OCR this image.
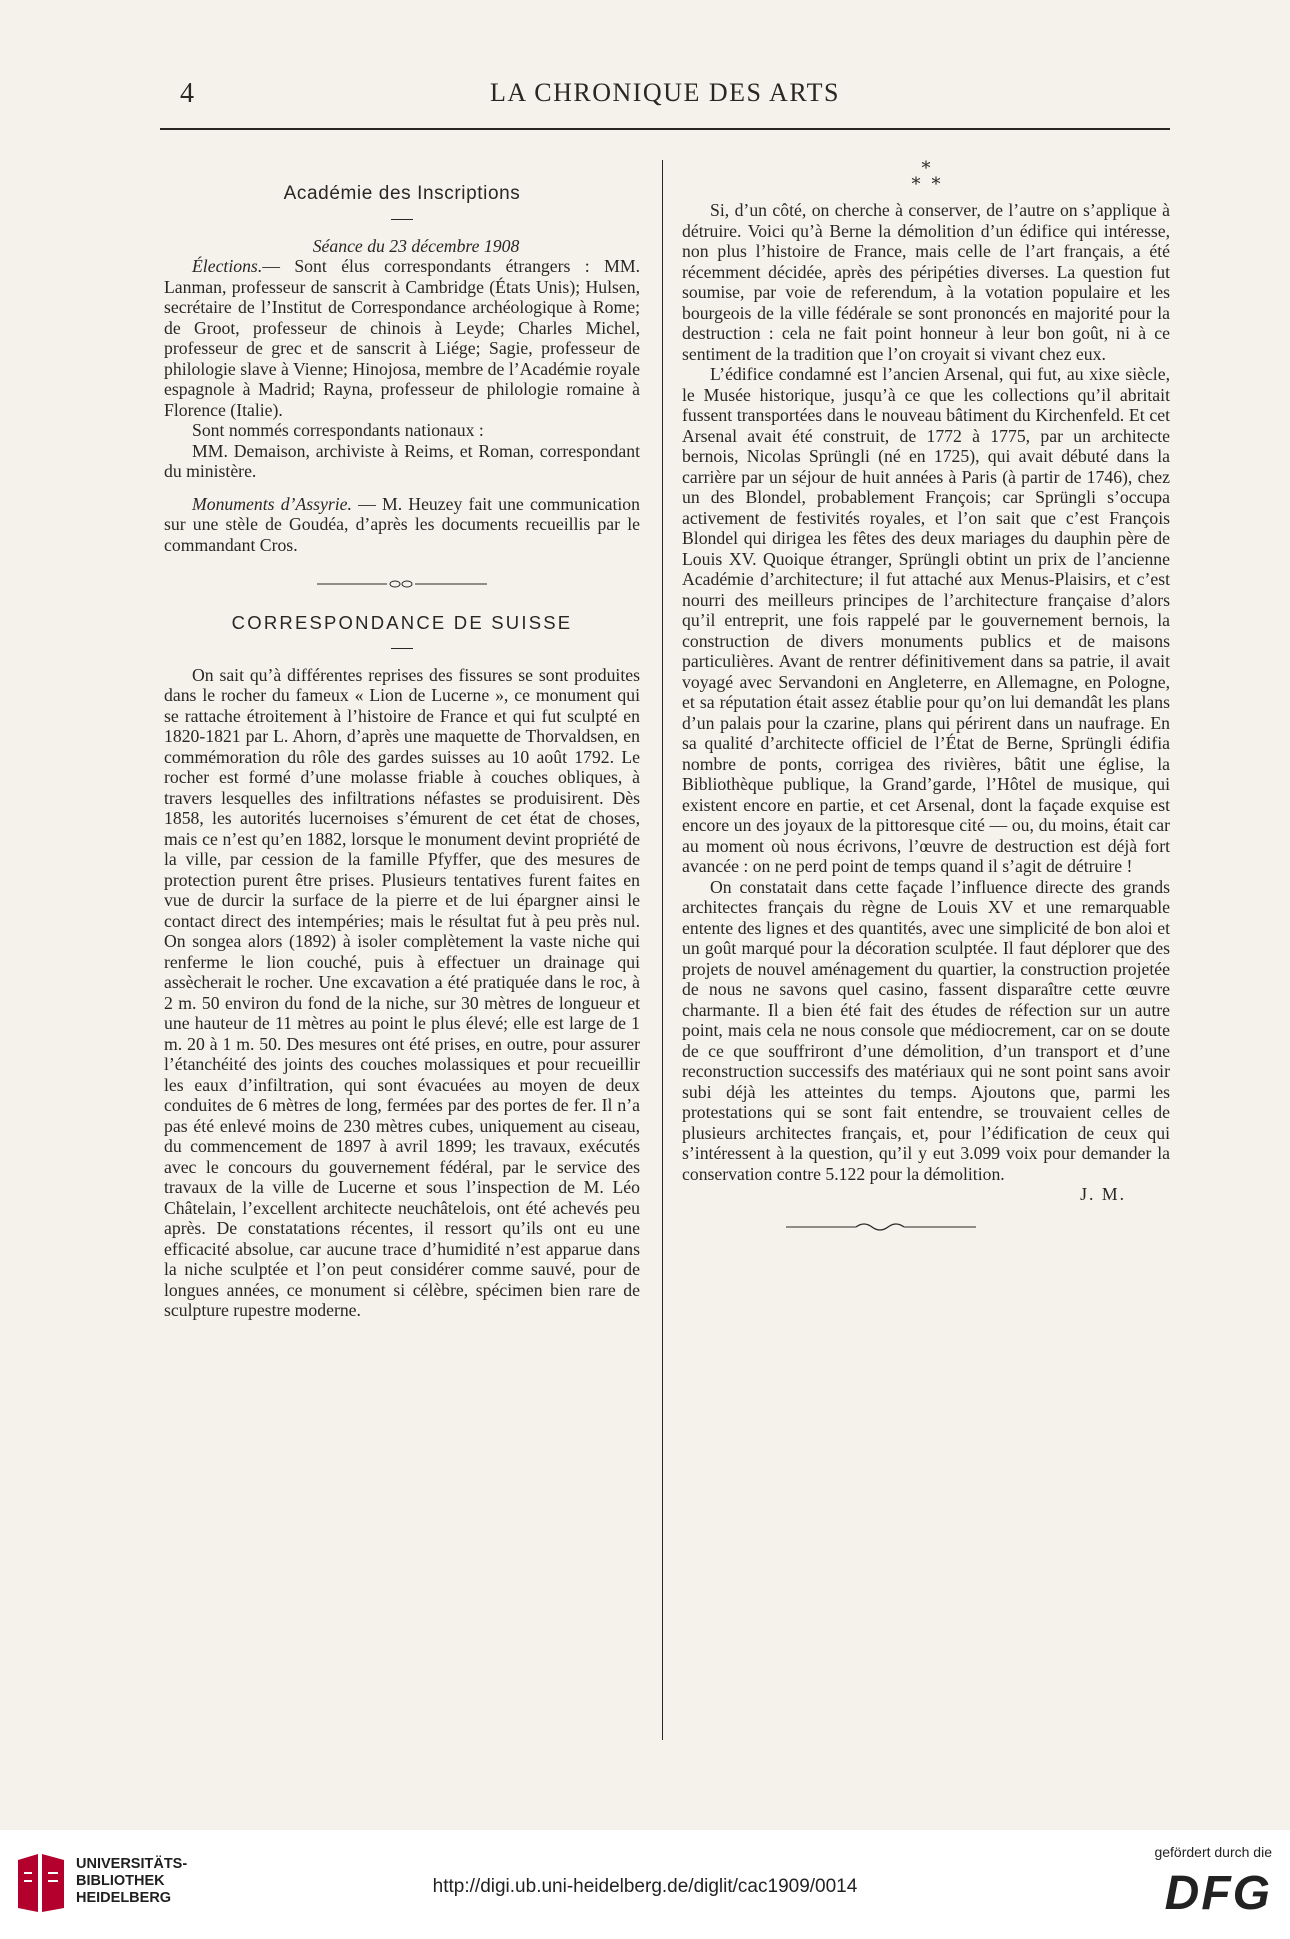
4	LA CHRONIQUE DES ARTS
Académie des Inscriptions

Séance du 23 décembre 1908

Élections.— Sont élus correspondants étrangers : MM. Lanman, professeur de sanscrit à Cambridge (États Unis); Hulsen, secrétaire de l’Institut de Correspondance archéologique à Rome; de Groot, professeur de chinois à Leyde; Charles Michel, professeur de grec et de sanscrit à Liége; Sagie, professeur de philologie slave à Vienne; Hinojosa, membre de l’Académie royale espagnole à Madrid; Rayna, professeur de philologie romaine à Florence (Italie).

Sont nommés correspondants nationaux :

MM. Demaison, archiviste à Reims, et Roman, correspondant du ministère.

Monuments d’Assyrie. — M. Heuzey fait une communication sur une stèle de Goudéa, d’après les documents recueillis par le commandant Cros.

CORRESPONDANCE DE SUISSE

On sait qu’à différentes reprises des fissures se sont produites dans le rocher du fameux « Lion de Lucerne », ce monument qui se rattache étroitement à l’histoire de France et qui fut sculpté en 1820-1821 par L. Ahorn, d’après une maquette de Thorvaldsen, en commémoration du rôle des gardes suisses au 10 août 1792. Le rocher est formé d’une molasse friable à couches obliques, à travers lesquelles des infiltrations néfastes se produisirent. Dès 1858, les autorités lucernoises s’émurent de cet état de choses, mais ce n’est qu’en 1882, lorsque le monument devint propriété de la ville, par cession de la famille Pfyffer, que des mesures de protection purent être prises. Plusieurs tentatives furent faites en vue de durcir la surface de la pierre et de lui épargner ainsi le contact direct des intempéries; mais le résultat fut à peu près nul. On songea alors (1892) à isoler complètement la vaste niche qui renferme le lion couché, puis à effectuer un drainage qui assècherait le rocher. Une excavation a été pratiquée dans le roc, à 2 m. 50 environ du fond de la niche, sur 30 mètres de longueur et une hauteur de 11 mètres au point le plus élevé; elle est large de 1 m. 20 à 1 m. 50. Des mesures ont été prises, en outre, pour assurer l’étanchéité des joints des couches molassiques et pour recueillir les eaux d’infiltration, qui sont évacuées au moyen de deux conduites de 6 mètres de long, fermées par des portes de fer. Il n’a pas été enlevé moins de 230 mètres cubes, uniquement au ciseau, du commencement de 1897 à avril 1899; les travaux, exécutés avec le concours du gouvernement fédéral, par le service des travaux de la ville de Lucerne et sous l’inspection de M. Léo Châtelain, l’excellent architecte neuchâtelois, ont été achevés peu après. De constatations récentes, il ressort qu’ils ont eu une efficacité absolue, car aucune trace d’humidité n’est apparue dans la niche sculptée et l’on peut considérer comme sauvé, pour de longues années, ce monument si célèbre, spécimen bien rare de sculpture rupestre moderne.

*
* *

Si, d’un côté, on cherche à conserver, de l’autre on s’applique à détruire. Voici qu’à Berne la démolition d’un édifice qui intéresse, non plus l’histoire de France, mais celle de l’art français, a été récemment décidée, après des péripéties diverses. La question fut soumise, par voie de referendum, à la votation populaire et les bourgeois de la ville fédérale se sont prononcés en majorité pour la destruction : cela ne fait point honneur à leur bon goût, ni à ce sentiment de la tradition que l’on croyait si vivant chez eux.

L’édifice condamné est l’ancien Arsenal, qui fut, au xixe siècle, le Musée historique, jusqu’à ce que les collections qu’il abritait fussent transportées dans le nouveau bâtiment du Kirchenfeld. Et cet Arsenal avait été construit, de 1772 à 1775, par un architecte bernois, Nicolas Sprüngli (né en 1725), qui avait débuté dans la carrière par un séjour de huit années à Paris (à partir de 1746), chez un des Blondel, probablement François; car Sprüngli s’occupa activement de festivités royales, et l’on sait que c’est François Blondel qui dirigea les fêtes des deux mariages du dauphin père de Louis XV. Quoique étranger, Sprüngli obtint un prix de l’ancienne Académie d’architecture; il fut attaché aux Menus-Plaisirs, et c’est nourri des meilleurs principes de l’architecture française d’alors qu’il entreprit, une fois rappelé par le gouvernement bernois, la construction de divers monuments publics et de maisons particulières. Avant de rentrer définitivement dans sa patrie, il avait voyagé avec Servandoni en Angleterre, en Allemagne, en Pologne, et sa réputation était assez établie pour qu’on lui demandât les plans d’un palais pour la czarine, plans qui périrent dans un naufrage. En sa qualité d’architecte officiel de l’État de Berne, Sprüngli édifia nombre de ponts, corrigea des rivières, bâtit une église, la Bibliothèque publique, la Grand’garde, l’Hôtel de musique, qui existent encore en partie, et cet Arsenal, dont la façade exquise est encore un des joyaux de la pittoresque cité — ou, du moins, était car au moment où nous écrivons, l’œuvre de destruction est déjà fort avancée : on ne perd point de temps quand il s’agit de détruire !

On constatait dans cette façade l’influence directe des grands architectes français du règne de Louis XV et une remarquable entente des lignes et des quantités, avec une simplicité de bon aloi et un goût marqué pour la décoration sculptée. Il faut déplorer que des projets de nouvel aménagement du quartier, la construction projetée de nous ne savons quel casino, fassent disparaître cette œuvre charmante. Il a bien été fait des études de réfection sur un autre point, mais cela ne nous console que médiocrement, car on se doute de ce que souffriront d’une démolition, d’un transport et d’une reconstruction successifs des matériaux qui ne sont point sans avoir subi déjà les atteintes du temps. Ajoutons que, parmi les protestations qui se sont fait entendre, se trouvaient celles de plusieurs architectes français, et, pour l’édification de ceux qui s’intéressent à la question, qu’il y eut 3.099 voix pour demander la conservation contre 5.122 pour la démolition.

J. M.

UNIVERSITÄTS-
BIBLIOTHEK
HEIDELBERG
http://digi.ub.uni-heidelberg.de/diglit/cac1909/0014
gefördert durch die
DFG
